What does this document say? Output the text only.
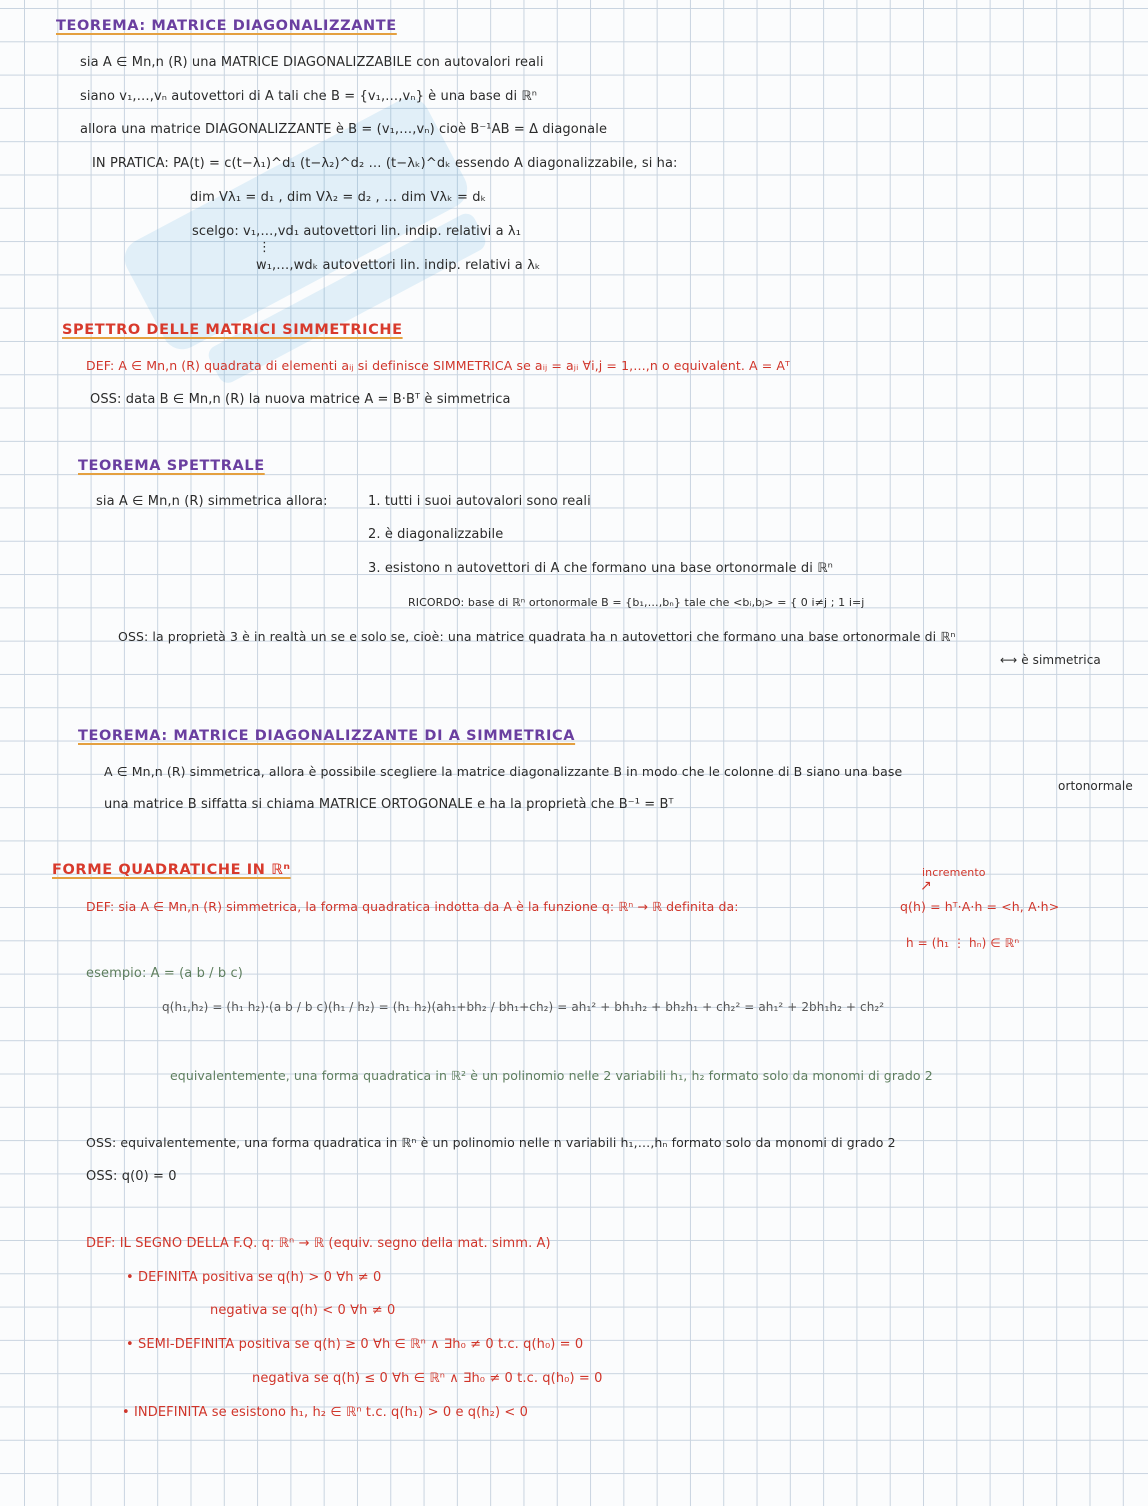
TEOREMA: MATRICE DIAGONALIZZANTE
sia A ∈ Mn,n (R) una MATRICE DIAGONALIZZABILE con autovalori reali
siano v₁,…,vₙ autovettori di A tali che B = {v₁,…,vₙ} è una base di ℝⁿ
allora una matrice DIAGONALIZZANTE è B = (v₁,…,vₙ) cioè B⁻¹AB = Δ diagonale
IN PRATICA: PA(t) = c(t−λ₁)^d₁ (t−λ₂)^d₂ … (t−λₖ)^dₖ essendo A diagonalizzabile, si ha:
dim Vλ₁ = d₁ , dim Vλ₂ = d₂ , … dim Vλₖ = dₖ
scelgo: v₁,…,vd₁ autovettori lin. indip. relativi a λ₁
⋮
w₁,…,wdₖ autovettori lin. indip. relativi a λₖ
SPETTRO DELLE MATRICI SIMMETRICHE
DEF: A ∈ Mn,n (R) quadrata di elementi aᵢⱼ si definisce SIMMETRICA se aᵢⱼ = aⱼᵢ ∀i,j = 1,…,n o equivalent. A = Aᵀ
OSS: data B ∈ Mn,n (R) la nuova matrice A = B·Bᵀ è simmetrica
TEOREMA SPETTRALE
sia A ∈ Mn,n (R) simmetrica allora:	1. tutti i suoi autovalori sono reali
2. è diagonalizzabile
3. esistono n autovettori di A che formano una base ortonormale di ℝⁿ
RICORDO: base di ℝⁿ ortonormale B = {b₁,…,bₙ} tale che <bᵢ,bⱼ> = { 0 i≠j ; 1 i=j
OSS: la proprietà 3 è in realtà un se e solo se, cioè: una matrice quadrata ha n autovettori che formano una base ortonormale di ℝⁿ
⟷ è simmetrica
TEOREMA: MATRICE DIAGONALIZZANTE DI A SIMMETRICA
A ∈ Mn,n (R) simmetrica, allora è possibile scegliere la matrice diagonalizzante B in modo che le colonne di B siano una base
ortonormale
una matrice B siffatta si chiama MATRICE ORTOGONALE e ha la proprietà che B⁻¹ = Bᵀ
FORME QUADRATICHE IN ℝⁿ	incremento
↗
DEF: sia A ∈ Mn,n (R) simmetrica, la forma quadratica indotta da A è la funzione q: ℝⁿ → ℝ definita da:	q(h) = hᵀ·A·h = <h, A·h>
h = (h₁ ⋮ hₙ) ∈ ℝⁿ
esempio: A = (a b / b c)
q(h₁,h₂) = (h₁ h₂)·(a b / b c)(h₁ / h₂) = (h₁ h₂)(ah₁+bh₂ / bh₁+ch₂) = ah₁² + bh₁h₂ + bh₂h₁ + ch₂² = ah₁² + 2bh₁h₂ + ch₂²
equivalentemente, una forma quadratica in ℝ² è un polinomio nelle 2 variabili h₁, h₂ formato solo da monomi di grado 2
OSS: equivalentemente, una forma quadratica in ℝⁿ è un polinomio nelle n variabili h₁,…,hₙ formato solo da monomi di grado 2
OSS: q(0) = 0
DEF: IL SEGNO DELLA F.Q. q: ℝⁿ → ℝ (equiv. segno della mat. simm. A)
• DEFINITA positiva se q(h) > 0 ∀h ≠ 0
negativa se q(h) < 0 ∀h ≠ 0
• SEMI-DEFINITA positiva se q(h) ≥ 0 ∀h ∈ ℝⁿ ∧ ∃h₀ ≠ 0 t.c. q(h₀) = 0
negativa se q(h) ≤ 0 ∀h ∈ ℝⁿ ∧ ∃h₀ ≠ 0 t.c. q(h₀) = 0
• INDEFINITA se esistono h₁, h₂ ∈ ℝⁿ t.c. q(h₁) > 0 e q(h₂) < 0
